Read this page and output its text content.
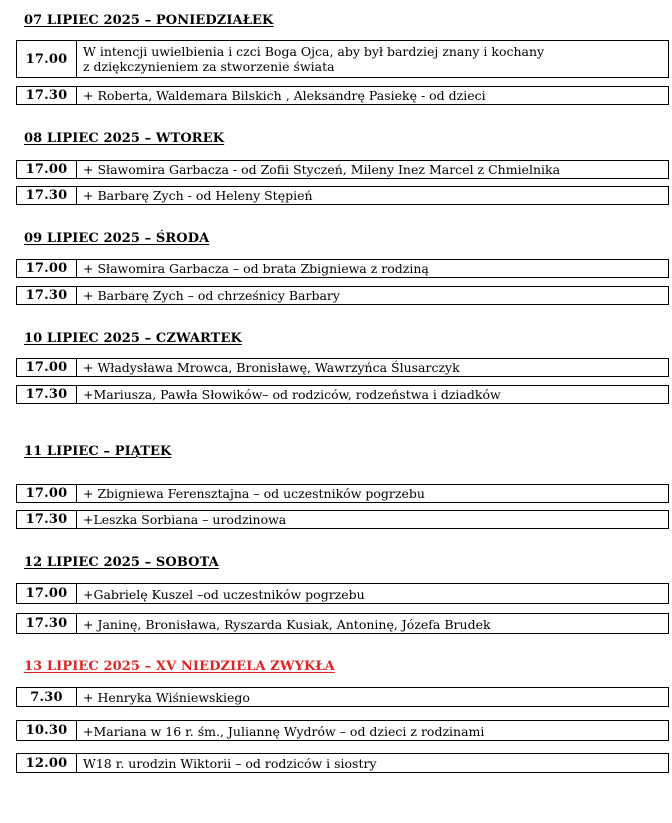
07 LIPIEC 2025 – PONIEDZIAŁEK
17.00	W intencji uwielbienia i czci Boga Ojca, aby był bardziej znany i kochany
z dziękczynieniem za stworzenie świata
17.30	+ Roberta, Waldemara Bilskich , Aleksandrę Pasiekę - od dzieci
08 LIPIEC 2025 – WTOREK
17.00	+ Sławomira Garbacza - od Zofii Styczeń, Mileny Inez Marcel z Chmielnika
17.30	+ Barbarę Zych - od Heleny Stępień
09 LIPIEC 2025 – ŚRODA
17.00	+ Sławomira Garbacza – od brata Zbigniewa z rodziną
17.30	+ Barbarę Zych – od chrześnicy Barbary
10 LIPIEC 2025 – CZWARTEK
17.00	+ Władysława Mrowca, Bronisławę, Wawrzyńca Ślusarczyk
17.30	+Mariusza, Pawła Słowików– od rodziców, rodzeństwa i dziadków
11 LIPIEC – PIĄTEK
17.00	+ Zbigniewa Ferensztajna – od uczestników pogrzebu
17.30	+Leszka Sorbiana – urodzinowa
12 LIPIEC 2025 – SOBOTA
17.00	+Gabrielę Kuszel –od uczestników pogrzebu
17.30	+ Janinę, Bronisława, Ryszarda Kusiak, Antoninę, Józefa Brudek
13 LIPIEC 2025 – XV NIEDZIELA ZWYKŁA
7.30	+ Henryka Wiśniewskiego
10.30	+Mariana w 16 r. śm., Juliannę Wydrów – od dzieci z rodzinami
12.00	W18 r. urodzin Wiktorii – od rodziców i siostry
